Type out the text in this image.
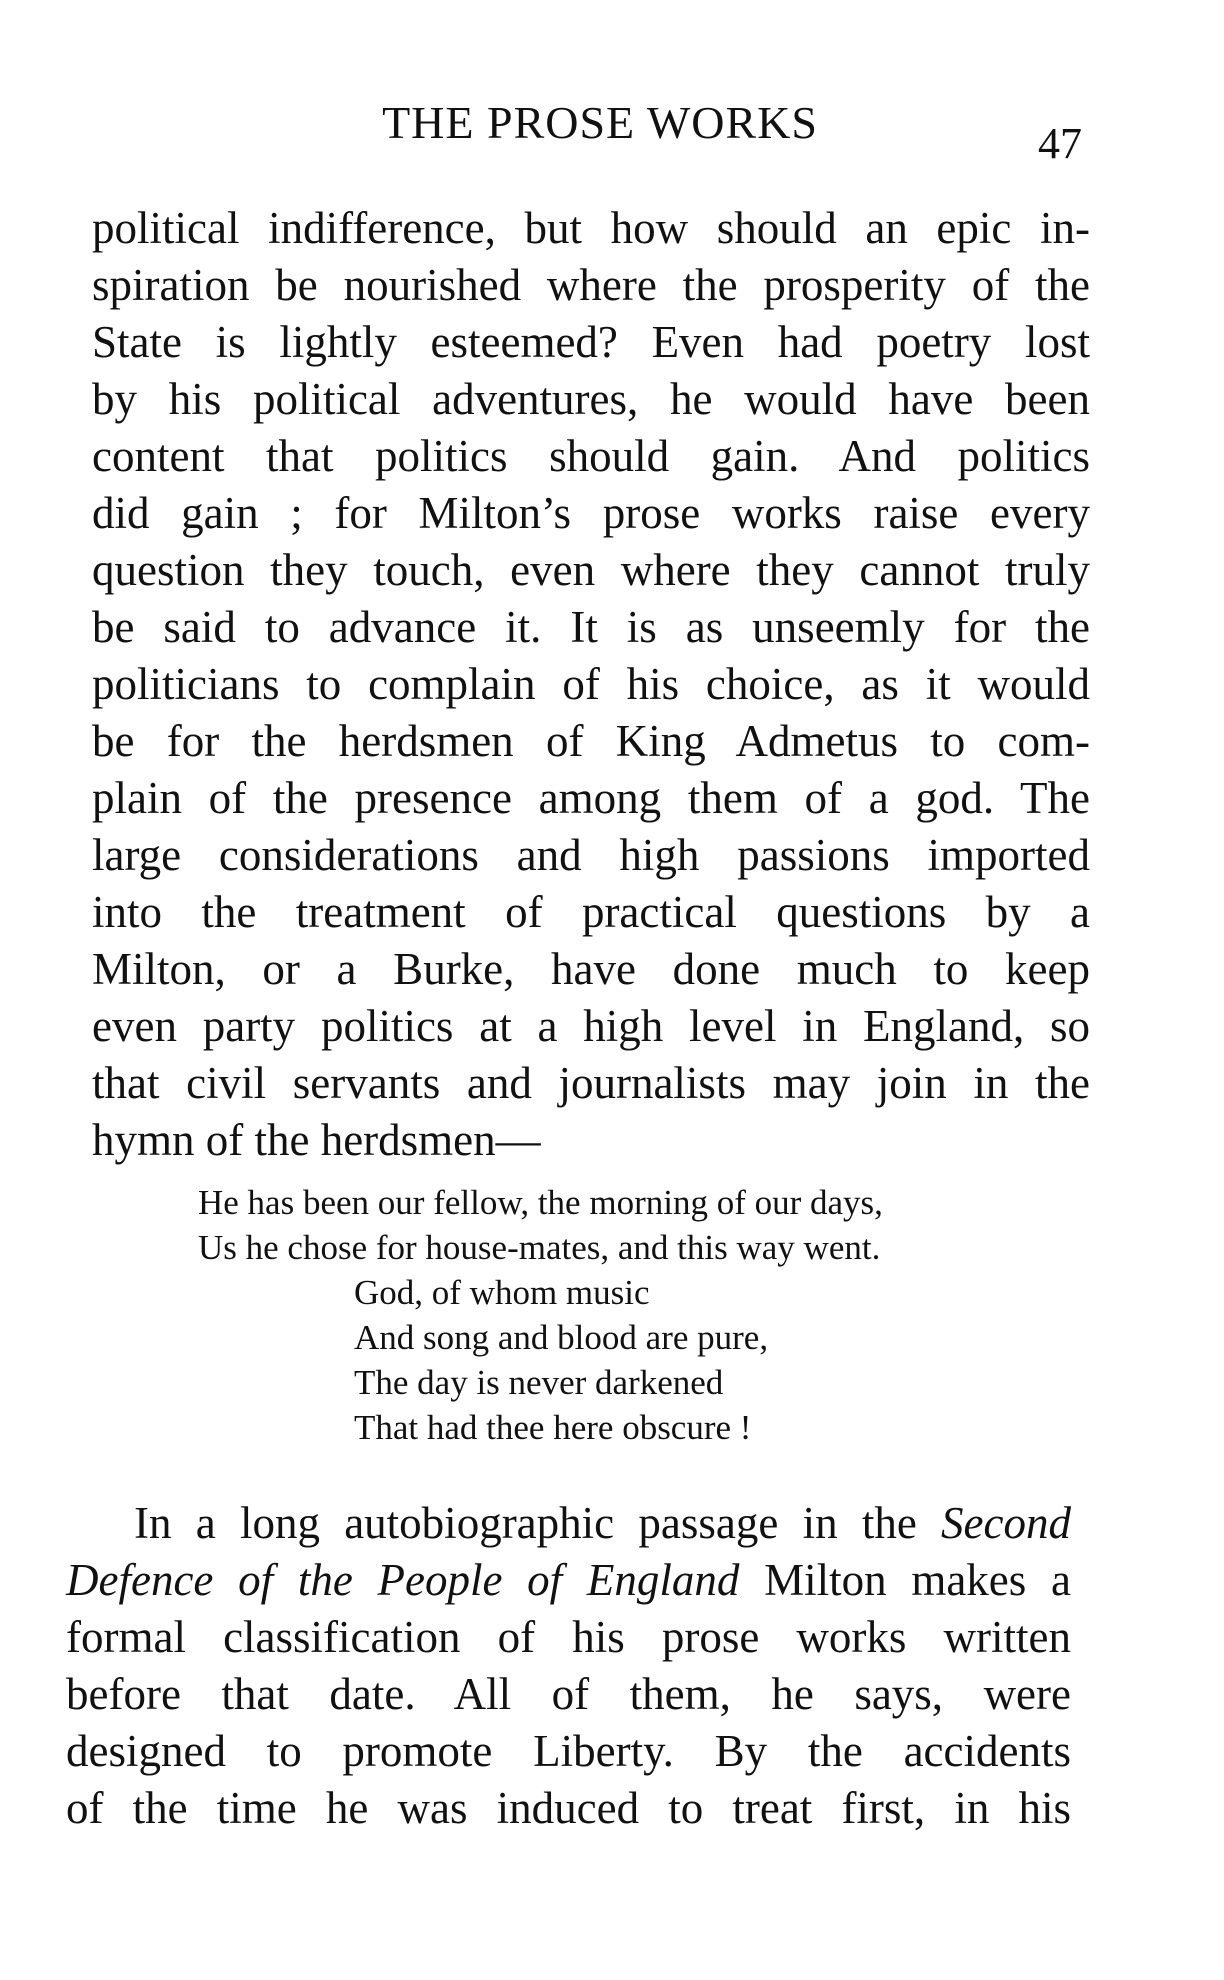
THE PROSE WORKS	47
political indifference, but how should an epic in-
spiration be nourished where the prosperity of the
State is lightly esteemed? Even had poetry lost
by his political adventures, he would have been
content that politics should gain. And politics
did gain ; for Milton’s prose works raise every
question they touch, even where they cannot truly
be said to advance it. It is as unseemly for the
politicians to complain of his choice, as it would
be for the herdsmen of King Admetus to com-
plain of the presence among them of a god. The
large considerations and high passions imported
into the treatment of practical questions by a
Milton, or a Burke, have done much to keep
even party politics at a high level in England, so
that civil servants and journalists may join in the
hymn of the herdsmen—
He has been our fellow, the morning of our days,
Us he chose for house-mates, and this way went.
God, of whom music
And song and blood are pure,
The day is never darkened
That had thee here obscure !
In a long autobiographic passage in the Second
Defence of the People of England Milton makes a
formal classification of his prose works written
before that date. All of them, he says, were
designed to promote Liberty. By the accidents
of the time he was induced to treat first, in his
